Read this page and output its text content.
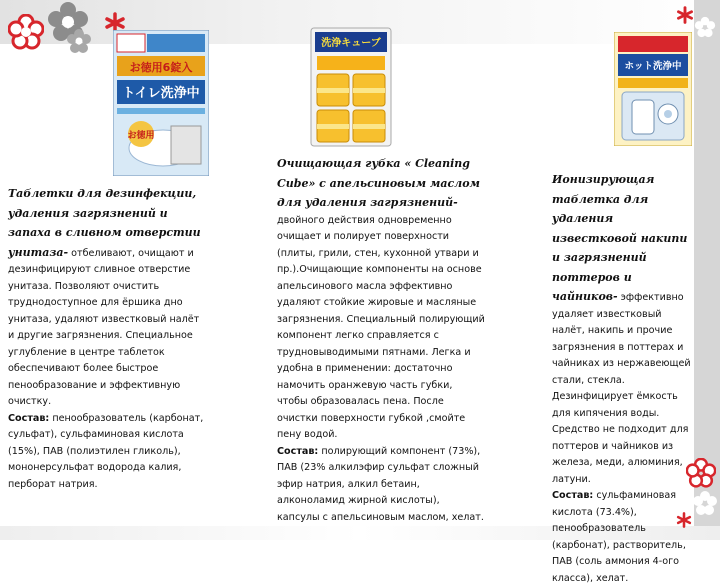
お徳用6錠入
トイレ洗浄中
お徳用
洗浄キューブ
ホット洗浄中

Таблетки для дезинфекции, удаления загрязнений и запаха в сливном отверстии унитаза- отбеливают, очищают и дезинфицируют сливное отверстие унитаза. Позволяют очистить труднодоступное для ёршика дно унитаза, удаляют известковый налёт и другие загрязнения. Специальное углубление в центре таблеток обеспечивают более быстрое пенообразование и эффективную очистку.

Состав: пенообразователь (карбонат, сульфат), сульфаминовая кислота (15%), ПАВ (полиэтилен гликоль), мононерсульфат водорода калия, перборат натрия.

Очищающая губка « Cleaning Cube» с апельсиновым маслом для удаления загрязнений- двойного действия одновременно очищает и полирует поверхности (плиты, грили, стен, кухонной утвари и пр.).Очищающие компоненты на основе апельсинового масла эффективно удаляют стойкие жировые и масляные загрязнения. Специальный полирующий компонент легко справляется с трудновыводимыми пятнами. Легка и удобна в применении: достаточно намочить оранжевую часть губки, чтобы образовалась пена. После очистки поверхности губкой ,смойте пену водой.

Состав: полирующий компонент (73%), ПАВ (23% алкилэфир сульфат сложный эфир натрия, алкил бетаин, алконоламид жирной кислоты), капсулы с апельсиновым маслом, хелат.

Ионизирующая таблетка для удаления известковой накипи и загрязнений поттеров и чайников- эффективно удаляет известковый налёт, накипь и прочие загрязнения в поттерах и чайниках из нержавеющей стали, стекла. Дезинфицирует ёмкость для кипячения воды. Средство не подходит для поттеров и чайников из железа, меди, алюминия, латуни.

Состав: сульфаминовая кислота (73.4%), пенообразователь (карбонат), растворитель, ПАВ (соль аммония 4-ого класса), хелат.
